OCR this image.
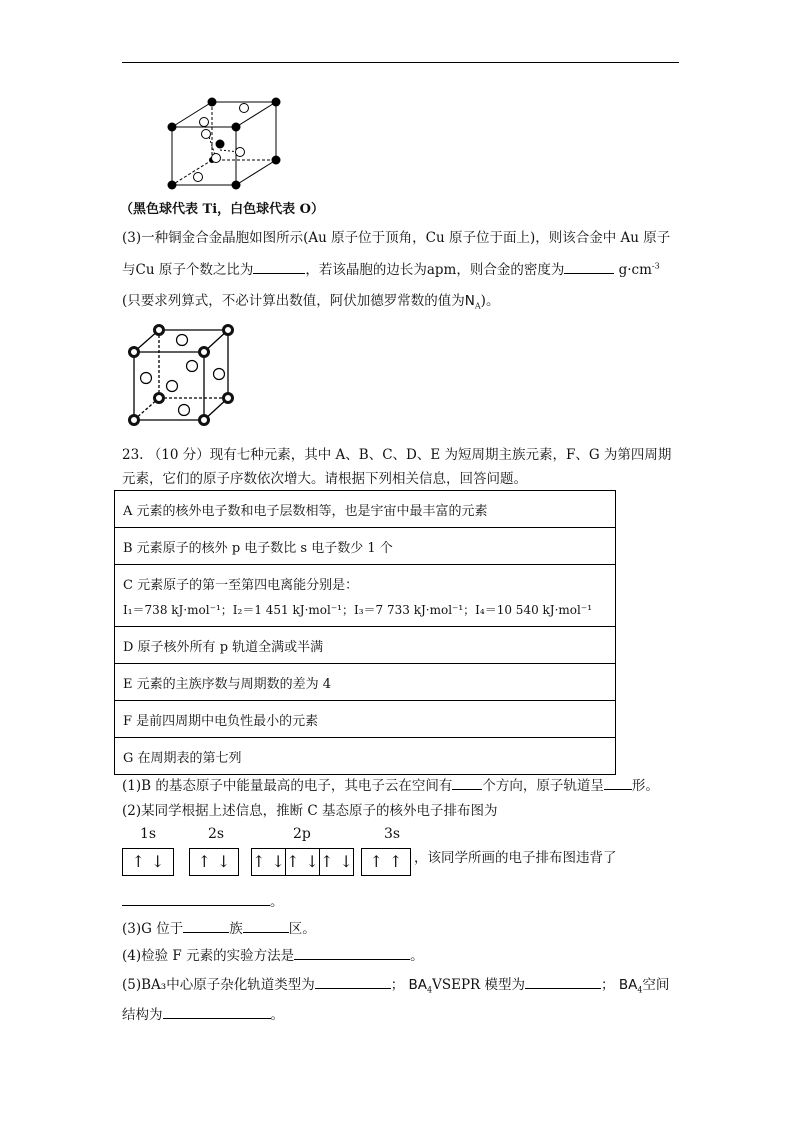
（黑色球代表 Ti，白色球代表 O）
(3)一种铜金合金晶胞如图所示(Au 原子位于顶角，Cu 原子位于面上)，则该合金中 Au 原子
与Cu 原子个数之比为	，若该晶胞的边长为apm，则合金的密度为	$g\cdot cm^{-3}$
(只要求列算式，不必计算出数值，阿伏加德罗常数的值为$N_A$)。
23. （10 分）现有七种元素，其中 A、B、C、D、E 为短周期主族元素，F、G 为第四周期
元素，它们的原子序数依次增大。请根据下列相关信息，回答问题。
A 元素的核外电子数和电子层数相等，也是宇宙中最丰富的元素
B 元素原子的核外 p 电子数比 s 电子数少 1 个

C 元素原子的第一至第四电离能分别是：
I₁＝738 kJ·mol⁻¹；I₂＝1 451 kJ·mol⁻¹；I₃＝7 733 kJ·mol⁻¹；I₄＝10 540 kJ·mol⁻¹

D 原子核外所有 p 轨道全满或半满
E 元素的主族序数与周期数的差为 4
F 是前四周期中电负性最小的元素
G 在周期表的第七列
(1)B 的基态原子中能量最高的电子，其电子云在空间有 个方向，原子轨道呈 形。
(2)某同学根据上述信息，推断 C 基态原子的核外电子排布图为
1s	2s	2p	3s
↑ ↓ ↑ ↓ ↑ ↓ ↑ ↓ ↑ ↓ ↑ ↑ ，该同学所画的电子排布图违背了
。
(3)G 位于	族	区。
(4)检验 F 元素的实验方法是	。
(5)BA₃中心原子杂化轨道类型为	； $BA_4VSEPR$ 模型为	； $BA_4$空间
结构为	。
